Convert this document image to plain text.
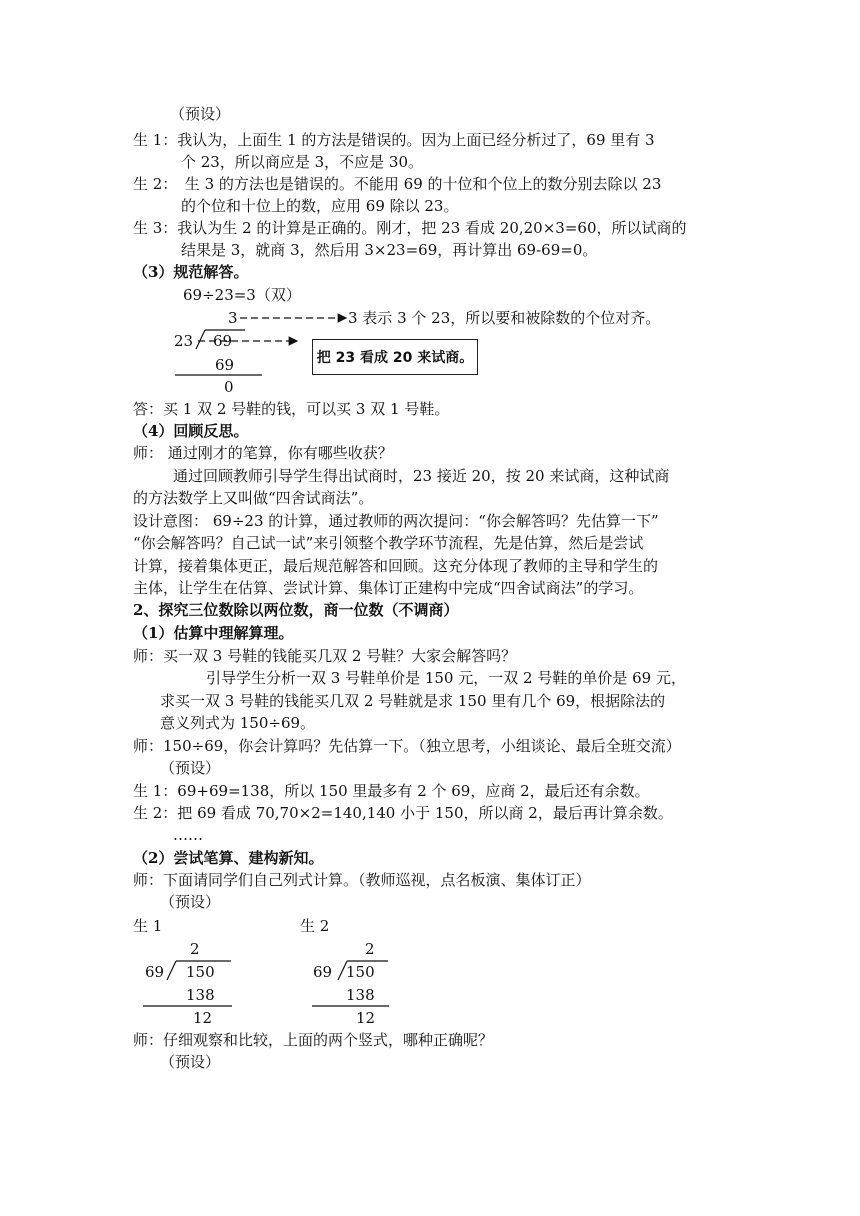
（预设）
生 1：我认为，上面生 1 的方法是错误的。因为上面已经分析过了，69 里有 3
个 23，所以商应是 3，不应是 30。
生 2：　生 3 的方法也是错误的。不能用 69 的十位和个位上的数分别去除以 23
的个位和十位上的数，应用 69 除以 23。
生 3：我认为生 2 的计算是正确的。刚才，把 23 看成 20,20×3=60，所以试商的
结果是 3，就商 3，然后用 3×23=69，再计算出 69-69=0。
（3）规范解答。
69÷23=3（双）
3	3 表示 3 个 23，所以要和被除数的个位对齐。
23 69
69
0
把 23 看成 20 来试商。
答：买 1 双 2 号鞋的钱，可以买 3 双 1 号鞋。
（4）回顾反思。
师： 通过刚才的笔算，你有哪些收获？
通过回顾教师引导学生得出试商时，23 接近 20，按 20 来试商，这种试商
的方法数学上又叫做“四舍试商法”。
设计意图： 69÷23 的计算，通过教师的两次提问：“你会解答吗？先估算一下”
“你会解答吗？自己试一试”来引领整个教学环节流程，先是估算，然后是尝试
计算，接着集体更正，最后规范解答和回顾。这充分体现了教师的主导和学生的
主体，让学生在估算、尝试计算、集体订正建构中完成“四舍试商法”的学习。
2、探究三位数除以两位数，商一位数（不调商）
（1）估算中理解算理。
师：买一双 3 号鞋的钱能买几双 2 号鞋？大家会解答吗？
引导学生分析一双 3 号鞋单价是 150 元，一双 2 号鞋的单价是 69 元，
求买一双 3 号鞋的钱能买几双 2 号鞋就是求 150 里有几个 69，根据除法的
意义列式为 150÷69。
师：150÷69，你会计算吗？先估算一下。（独立思考，小组谈论、最后全班交流）
（预设）
生 1：69+69=138，所以 150 里最多有 2 个 69，应商 2，最后还有余数。
生 2：把 69 看成 70,70×2=140,140 小于 150，所以商 2，最后再计算余数。
……
（2）尝试笔算、建构新知。
师：下面请同学们自己列式计算。（教师巡视，点名板演、集体订正）
（预设）
生 1	生 2
2
69 150
138
12
2
69 150
138
12
师：仔细观察和比较，上面的两个竖式，哪种正确呢？
（预设）
